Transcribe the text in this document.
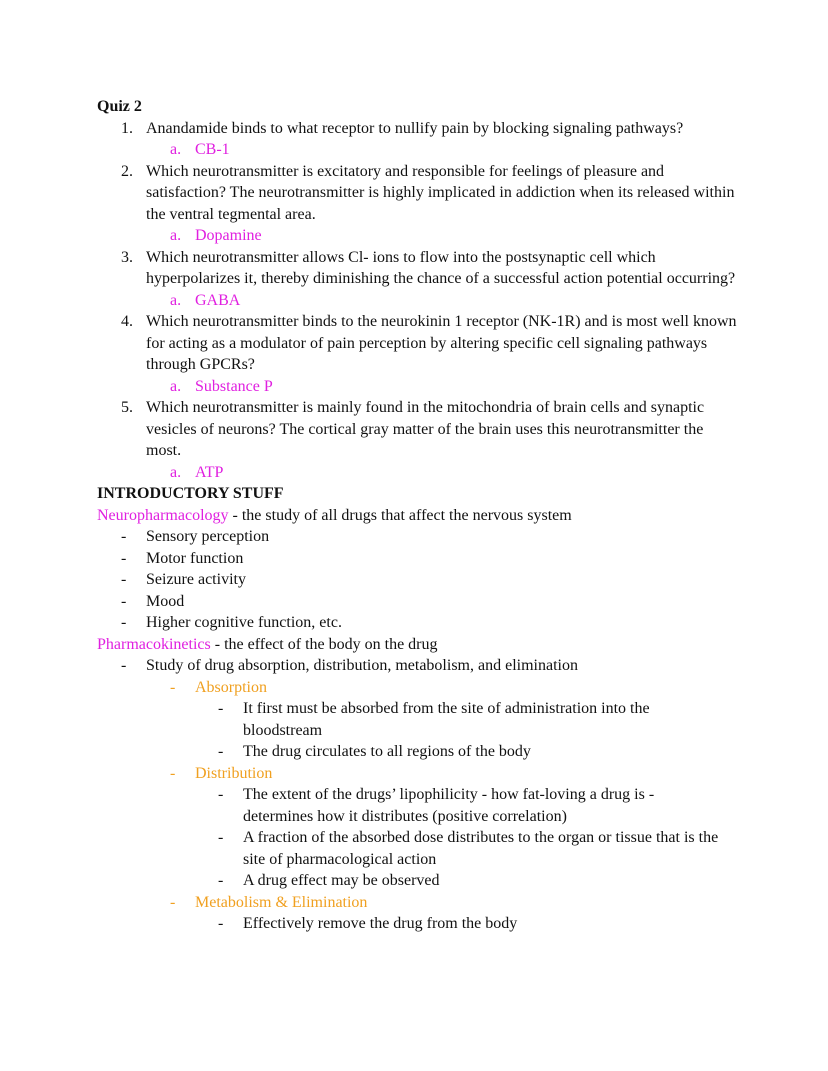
Quiz 2
1. Anandamide binds to what receptor to nullify pain by blocking signaling pathways?
a. CB-1
2. Which neurotransmitter is excitatory and responsible for feelings of pleasure and satisfaction? The neurotransmitter is highly implicated in addiction when its released within the ventral tegmental area.
a. Dopamine
3. Which neurotransmitter allows Cl- ions to flow into the postsynaptic cell which hyperpolarizes it, thereby diminishing the chance of a successful action potential occurring?
a. GABA
4. Which neurotransmitter binds to the neurokinin 1 receptor (NK-1R) and is most well known for acting as a modulator of pain perception by altering specific cell signaling pathways through GPCRs?
a. Substance P
5. Which neurotransmitter is mainly found in the mitochondria of brain cells and synaptic vesicles of neurons? The cortical gray matter of the brain uses this neurotransmitter the most.
a. ATP
INTRODUCTORY STUFF
Neuropharmacology - the study of all drugs that affect the nervous system
- Sensory perception
- Motor function
- Seizure activity
- Mood
- Higher cognitive function, etc.
Pharmacokinetics - the effect of the body on the drug
- Study of drug absorption, distribution, metabolism, and elimination
- Absorption
- It first must be absorbed from the site of administration into the bloodstream
- The drug circulates to all regions of the body
- Distribution
- The extent of the drugs’ lipophilicity - how fat-loving a drug is - determines how it distributes (positive correlation)
- A fraction of the absorbed dose distributes to the organ or tissue that is the site of pharmacological action
- A drug effect may be observed
- Metabolism & Elimination
- Effectively remove the drug from the body
